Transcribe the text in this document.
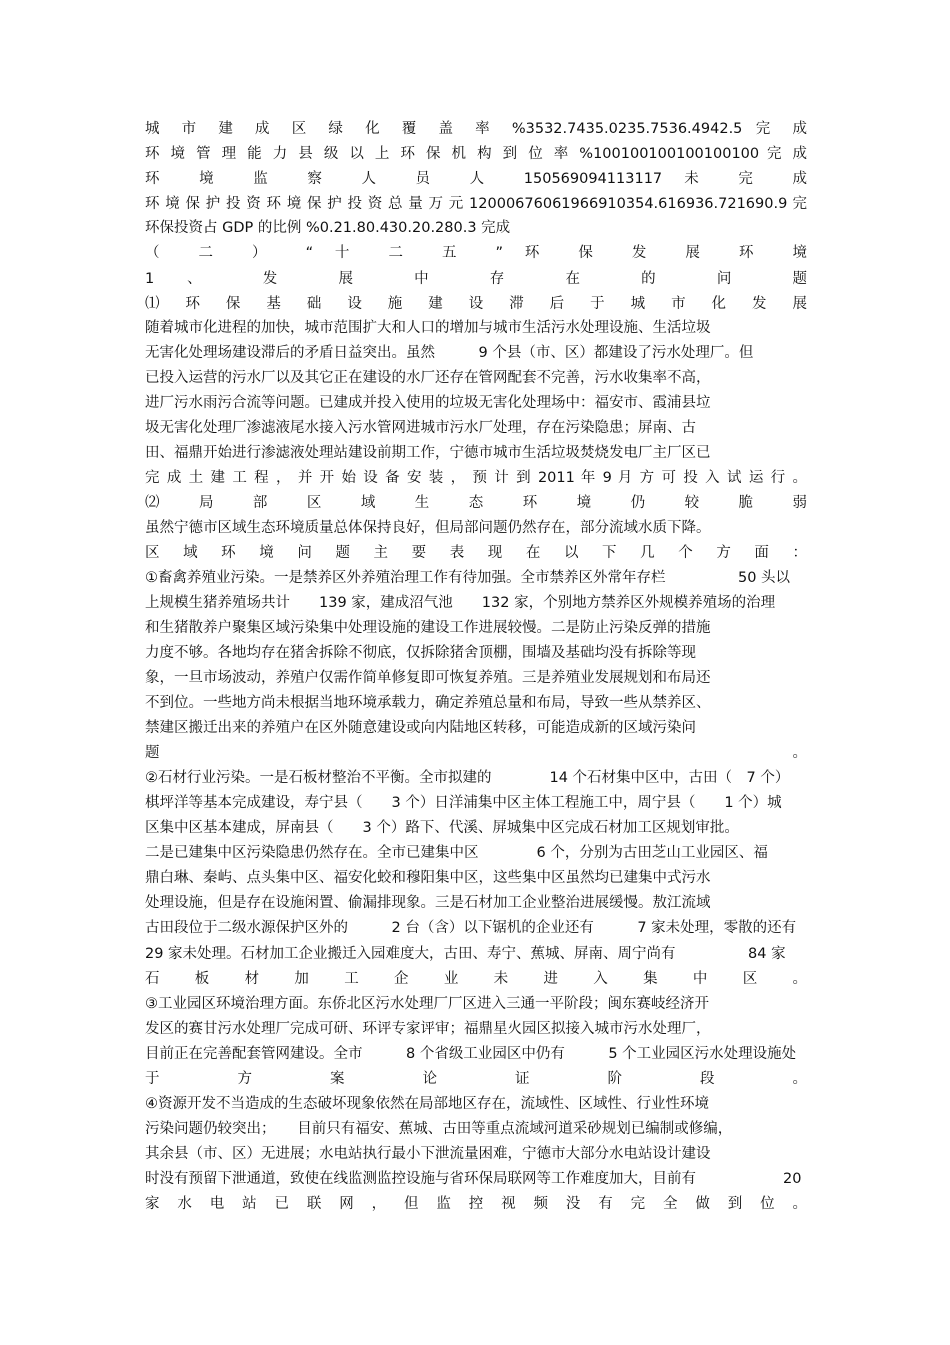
城 市 建 成 区 绿 化 覆 盖 率 %3532.7435.0235.7536.4942.5 完 成
环 境 管 理 能 力 县 级 以 上 环 保 机 构 到 位 率 %100100100100100100 完 成
环 境 监 察 人 员 人 150569094113117 未 完 成
环 境 保 护 投 资 环 境 保 护 投 资 总 量 万 元 12000676061966910354.616936.721690.9 完
环保投资占 GDP 的比例 %0.21.80.430.20.280.3 完成
（ 二 ） “ 十 二 五 ” 环 保 发 展 环 境
1 、 发 展 中 存 在 的 问 题
⑴ 环 保 基 础 设 施 建 设 滞 后 于 城 市 化 发 展
随着城市化进程的加快，城市范围扩大和人口的增加与城市生活污水处理设施、生活垃圾
无害化处理场建设滞后的矛盾日益突出。虽然　　　9 个县（市、区）都建设了污水处理厂。但
已投入运营的污水厂以及其它正在建设的水厂还存在管网配套不完善，污水收集率不高，
进厂污水雨污合流等问题。已建成并投入使用的垃圾无害化处理场中：福安市、霞浦县垃
圾无害化处理厂渗滤液尾水接入污水管网进城市污水厂处理，存在污染隐患；屏南、古
田、福鼎开始进行渗滤液处理站建设前期工作，宁德市城市生活垃圾焚烧发电厂主厂区已
完 成 土 建 工 程 ， 并 开 始 设 备 安 装 ， 预 计 到 2011 年 9 月 方 可 投 入 试 运 行 。
⑵ 局 部 区 域 生 态 环 境 仍 较 脆 弱
虽然宁德市区域生态环境质量总体保持良好，但局部问题仍然存在，部分流域水质下降。
区 域 环 境 问 题 主 要 表 现 在 以 下 几 个 方 面 ：
①畜禽养殖业污染。一是禁养区外养殖治理工作有待加强。全市禁养区外常年存栏　　　　　50 头以
上规模生猪养殖场共计　　139 家，建成沼气池　　132 家，个别地方禁养区外规模养殖场的治理
和生猪散养户聚集区域污染集中处理设施的建设工作进展较慢。二是防止污染反弹的措施
力度不够。各地均存在猪舍拆除不彻底，仅拆除猪舍顶棚，围墙及基础均没有拆除等现
象，一旦市场波动，养殖户仅需作简单修复即可恢复养殖。三是养殖业发展规划和布局还
不到位。一些地方尚未根据当地环境承载力，确定养殖总量和布局，导致一些从禁养区、
禁建区搬迁出来的养殖户在区外随意建设或向内陆地区转移，可能造成新的区域污染问
题 。
②石材行业污染。一是石板材整治不平衡。全市拟建的　　　　14 个石材集中区中，古田（　7 个）
棋坪洋等基本完成建设，寿宁县（　　3 个）日洋浦集中区主体工程施工中，周宁县（　　1 个）城
区集中区基本建成，屏南县（　　3 个）路下、代溪、屏城集中区完成石材加工区规划审批。
二是已建集中区污染隐患仍然存在。全市已建集中区　　　　6 个，分别为古田芝山工业园区、福
鼎白琳、秦屿、点头集中区、福安化蛟和穆阳集中区，这些集中区虽然均已建集中式污水
处理设施，但是存在设施闲置、偷漏排现象。三是石材加工企业整治进展缓慢。敖江流域
古田段位于二级水源保护区外的　　　2 台（含）以下锯机的企业还有　　　7 家未处理，零散的还有
29 家未处理。石材加工企业搬迁入园难度大，古田、寿宁、蕉城、屏南、周宁尚有　　　　　84 家
石 板 材 加 工 企 业 未 进 入 集 中 区 。
③工业园区环境治理方面。东侨北区污水处理厂厂区进入三通一平阶段；闽东赛岐经济开
发区的赛甘污水处理厂完成可研、环评专家评审；福鼎星火园区拟接入城市污水处理厂，
目前正在完善配套管网建设。全市　　　8 个省级工业园区中仍有　　　5 个工业园区污水处理设施处
于 方 案 论 证 阶 段 。
④资源开发不当造成的生态破坏现象依然在局部地区存在，流域性、区域性、行业性环境
污染问题仍较突出；　　目前只有福安、蕉城、古田等重点流域河道采砂规划已编制或修编，
其余县（市、区）无进展；水电站执行最小下泄流量困难，宁德市大部分水电站设计建设
时没有预留下泄通道，致使在线监测监控设施与省环保局联网等工作难度加大，目前有　　　　　　20
家 水 电 站 已 联 网 ， 但 监 控 视 频 没 有 完 全 做 到 位 。
